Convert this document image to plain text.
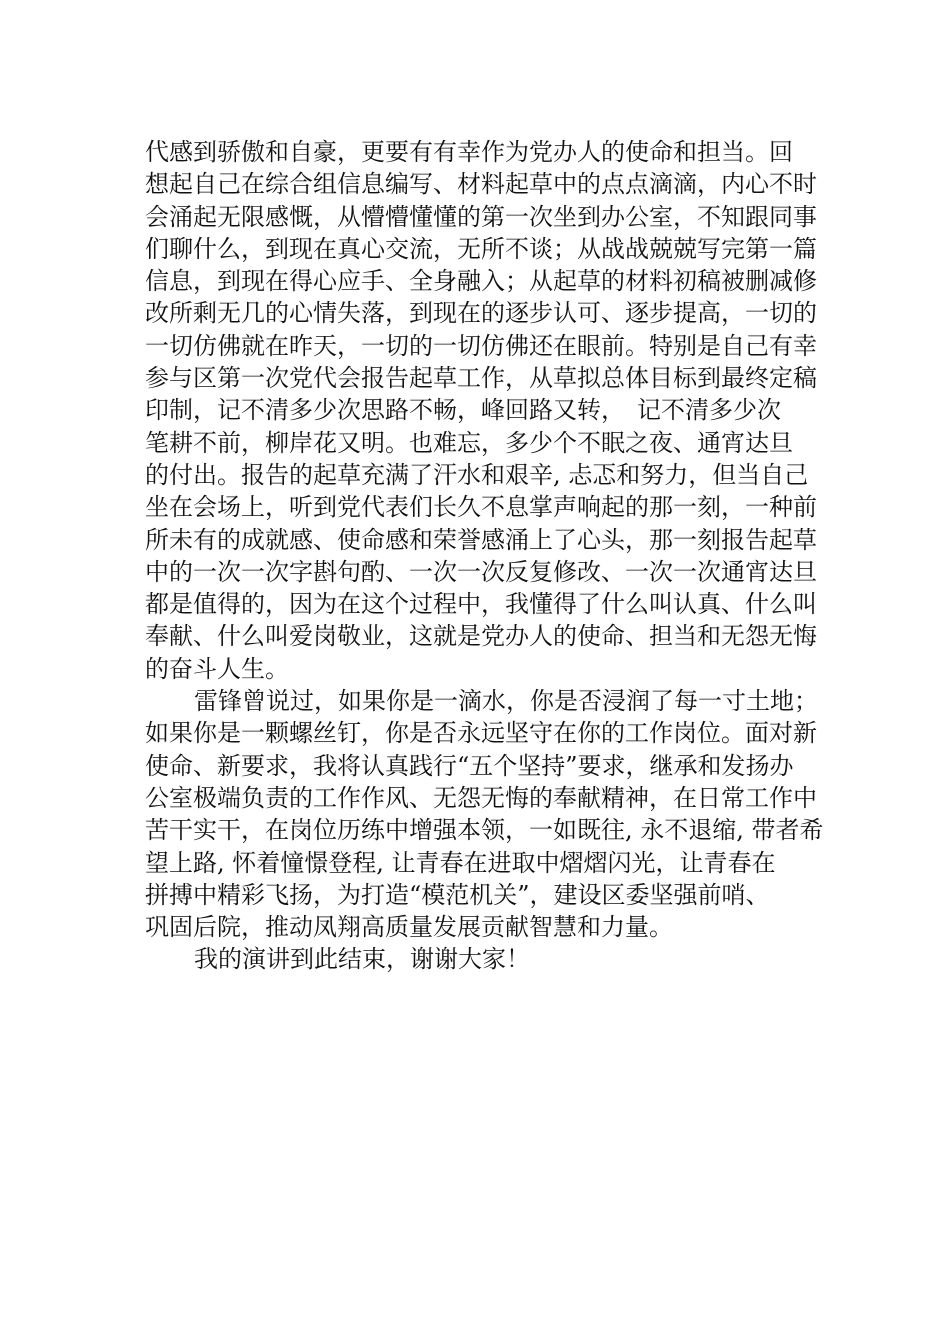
代感到骄傲和自豪，更要有有幸作为党办人的使命和担当。回
想起自己在综合组信息编写、材料起草中的点点滴滴，内心不时
会涌起无限感慨，从懵懵懂懂的第一次坐到办公室，不知跟同事
们聊什么，到现在真心交流，无所不谈；从战战兢兢写完第一篇
信息，到现在得心应手、全身融入；从起草的材料初稿被删减修
改所剩无几的心情失落，到现在的逐步认可、逐步提高，一切的
一切仿佛就在昨天，一切的一切仿佛还在眼前。特别是自己有幸
参与区第一次党代会报告起草工作，从草拟总体目标到最终定稿
印制，记不清多少次思路不畅，峰回路又转，　记不清多少次
笔耕不前，柳岸花又明。也难忘，多少个不眠之夜、通宵达旦
的付出。报告的起草充满了汗水和艰辛, 忐忑和努力，但当自己
坐在会场上，听到党代表们长久不息掌声响起的那一刻，一种前
所未有的成就感、使命感和荣誉感涌上了心头，那一刻报告起草
中的一次一次字斟句酌、一次一次反复修改、一次一次通宵达旦
都是值得的，因为在这个过程中，我懂得了什么叫认真、什么叫
奉献、什么叫爱岗敬业，这就是党办人的使命、担当和无怨无悔
的奋斗人生。
雷锋曾说过，如果你是一滴水，你是否浸润了每一寸土地；
如果你是一颗螺丝钉，你是否永远坚守在你的工作岗位。面对新
使命、新要求，我将认真践行“五个坚持”要求，继承和发扬办
公室极端负责的工作作风、无怨无悔的奉献精神，在日常工作中
苦干实干，在岗位历练中增强本领，一如既往, 永不退缩, 带者希
望上路, 怀着憧憬登程, 让青春在进取中熠熠闪光，让青春在
拼搏中精彩飞扬，为打造“模范机关”，建设区委坚强前哨、
巩固后院，推动凤翔高质量发展贡献智慧和力量。
我的演讲到此结束，谢谢大家！
